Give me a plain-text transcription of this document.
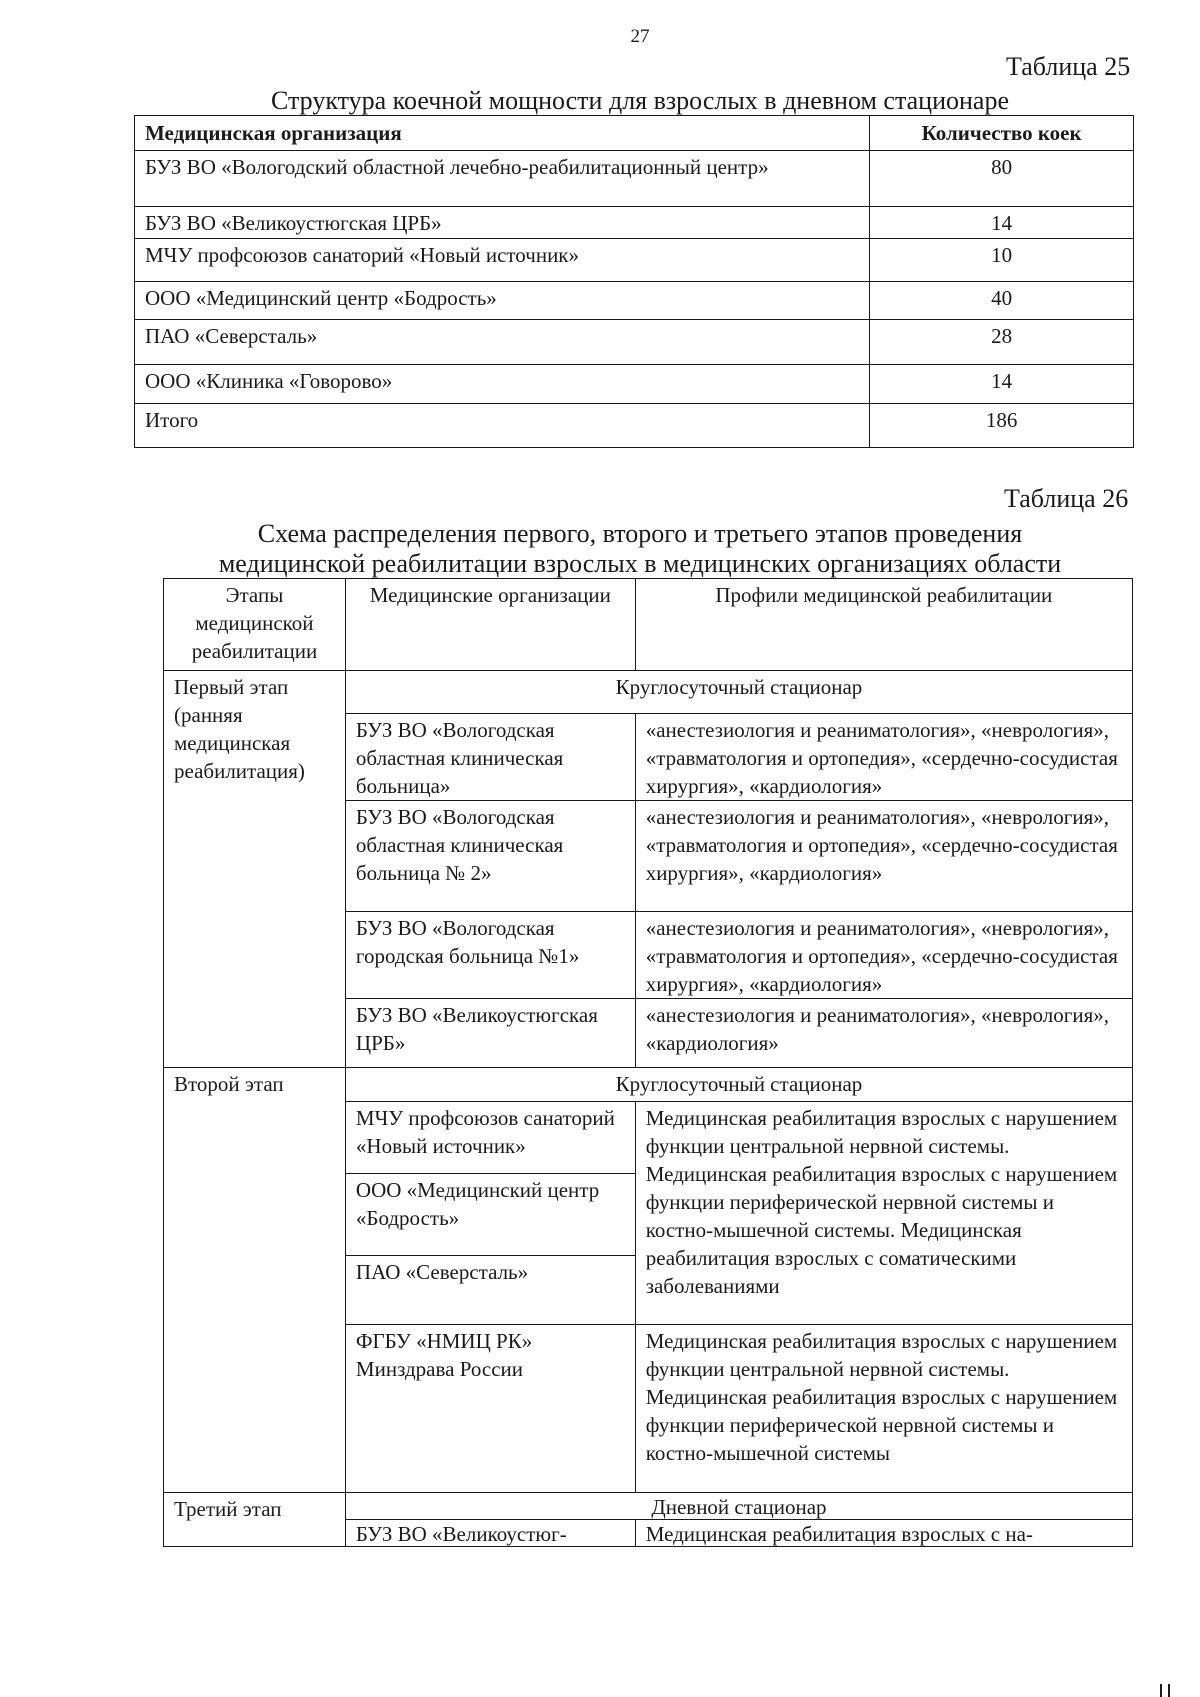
27
Таблица 25
Структура коечной мощности для взрослых в дневном стационаре
Медицинская организация	Количество коек
БУЗ ВО «Вологодский областной лечебно-реабилитационный центр»	80
БУЗ ВО «Великоустюгская ЦРБ»	14
МЧУ профсоюзов санаторий «Новый источник»	10
ООО «Медицинский центр «Бодрость»	40
ПАО «Северсталь»	28
ООО «Клиника «Говорово»	14
Итого	186
Таблица 26
Схема распределения первого, второго и третьего этапов проведения
медицинской реабилитации взрослых в медицинских организациях области
Этапы медицинской реабилитации	Медицинские организации	Профили медицинской реабилитации
Первый этап (ранняя медицинская реабилитация)	Круглосуточный стационар	
	БУЗ ВО «Вологодская областная клиническая больница»	«анестезиология и реаниматология», «неврология», «травматология и ортопедия», «сердечно-сосудистая хирургия», «кардиология»
	БУЗ ВО «Вологодская областная клиническая больница № 2»	«анестезиология и реаниматология», «неврология», «травматология и ортопедия», «сердечно-сосудистая хирургия», «кардиология»
	БУЗ ВО «Вологодская городская больница №1»	«анестезиология и реаниматология», «неврология», «травматология и ортопедия», «сердечно-сосудистая хирургия», «кардиология»
	БУЗ ВО «Великоустюгская ЦРБ»	«анестезиология и реаниматология», «неврология», «кардиология»
Второй этап	Круглосуточный стационар	
	МЧУ профсоюзов санаторий «Новый источник»	Медицинская реабилитация взрослых с нарушением функции центральной нервной системы. Медицинская реабилитация взрослых с нарушением функции периферической нервной системы и костно-мышечной системы. Медицинская реабилитация взрослых с соматическими заболеваниями
	ООО «Медицинский центр «Бодрость»	
	ПАО «Северсталь»	
	ФГБУ «НМИЦ РК» Минздрава России	Медицинская реабилитация взрослых с нарушением функции центральной нервной системы. Медицинская реабилитация взрослых с нарушением функции периферической нервной системы и костно-мышечной системы
Третий этап	Дневной стационар	
	БУЗ ВО «Великоустюг-	Медицинская реабилитация взрослых с на-
